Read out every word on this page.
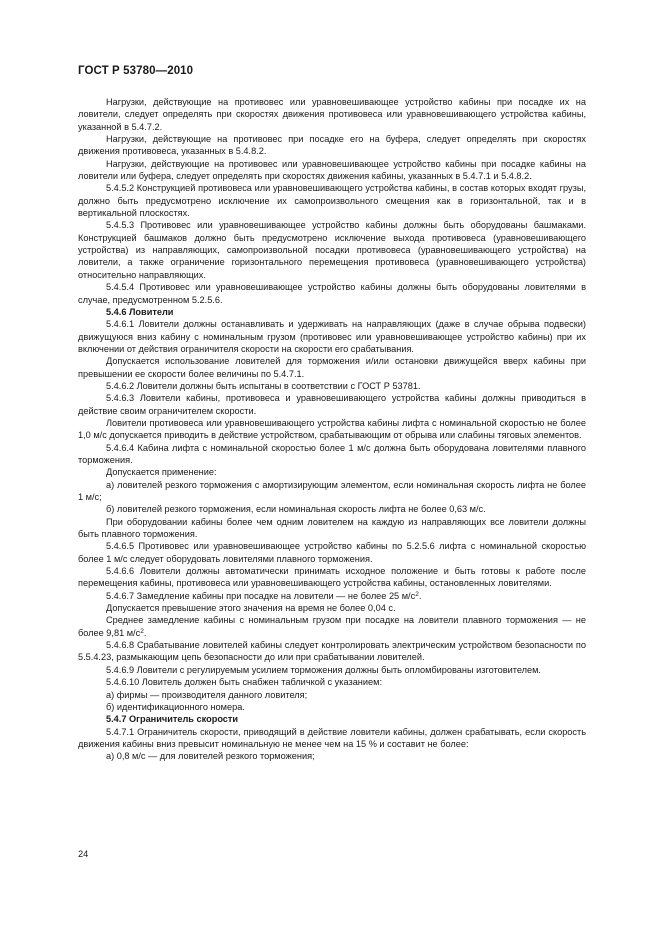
ГОСТ Р 53780—2010

Нагрузки, действующие на противовес или уравновешивающее устройство кабины при посадке их на ловители, следует определять при скоростях движения противовеса или уравновешивающего устройства кабины, указанной в 5.4.7.2.

Нагрузки, действующие на противовес при посадке его на буфера, следует определять при скоростях движения противовеса, указанных в 5.4.8.2.

Нагрузки, действующие на противовес или уравновешивающее устройство кабины при посадке кабины на ловители или буфера, следует определять при скоростях движения кабины, указанных в 5.4.7.1 и 5.4.8.2.

5.4.5.2 Конструкцией противовеса или уравновешивающего устройства кабины, в состав которых входят грузы, должно быть предусмотрено исключение их самопроизвольного смещения как в горизонтальной, так и в вертикальной плоскостях.

5.4.5.3 Противовес или уравновешивающее устройство кабины должны быть оборудованы башмаками. Конструкцией башмаков должно быть предусмотрено исключение выхода противовеса (уравновешивающего устройства) из направляющих, самопроизвольной посадки противовеса (уравновешивающего устройства) на ловители, а также ограничение горизонтального перемещения противовеса (уравновешивающего устройства) относительно направляющих.

5.4.5.4 Противовес или уравновешивающее устройство кабины должны быть оборудованы ловителями в случае, предусмотренном 5.2.5.6.

5.4.6 Ловители

5.4.6.1 Ловители должны останавливать и удерживать на направляющих (даже в случае обрыва подвески) движущуюся вниз кабину с номинальным грузом (противовес или уравновешивающее устройство кабины) при их включении от действия ограничителя скорости на скорости его срабатывания.

Допускается использование ловителей для торможения и/или остановки движущейся вверх кабины при превышении ее скорости более величины по 5.4.7.1.

5.4.6.2 Ловители должны быть испытаны в соответствии с ГОСТ Р 53781.

5.4.6.3 Ловители кабины, противовеса и уравновешивающего устройства кабины должны приводиться в действие своим ограничителем скорости.

Ловители противовеса или уравновешивающего устройства кабины лифта с номинальной скоростью не более 1,0 м/с допускается приводить в действие устройством, срабатывающим от обрыва или слабины тяговых элементов.

5.4.6.4 Кабина лифта с номинальной скоростью более 1 м/с должна быть оборудована ловителями плавного торможения.

Допускается применение:

а) ловителей резкого торможения с амортизирующим элементом, если номинальная скорость лифта не более 1 м/с;

б) ловителей резкого торможения, если номинальная скорость лифта не более 0,63 м/с.

При оборудовании кабины более чем одним ловителем на каждую из направляющих все ловители должны быть плавного торможения.

5.4.6.5 Противовес или уравновешивающее устройство кабины по 5.2.5.6 лифта с номинальной скоростью более 1 м/с следует оборудовать ловителями плавного торможения.

5.4.6.6 Ловители должны автоматически принимать исходное положение и быть готовы к работе после перемещения кабины, противовеса или уравновешивающего устройства кабины, остановленных ловителями.

5.4.6.7 Замедление кабины при посадке на ловители — не более 25 $м/с^2$.

Допускается превышение этого значения на время не более 0,04 с.

Среднее замедление кабины с номинальным грузом при посадке на ловители плавного торможения — не более 9,81 $м/с^2$.

5.4.6.8 Срабатывание ловителей кабины следует контролировать электрическим устройством безопасности по 5.5.4.23, размыкающим цепь безопасности до или при срабатывании ловителей.

5.4.6.9 Ловители с регулируемым усилием торможения должны быть опломбированы изготовителем.

5.4.6.10 Ловитель должен быть снабжен табличкой с указанием:

а) фирмы — производителя данного ловителя;

б) идентификационного номера.

5.4.7 Ограничитель скорости

5.4.7.1 Ограничитель скорости, приводящий в действие ловители кабины, должен срабатывать, если скорость движения кабины вниз превысит номинальную не менее чем на 15 % и составит не более:

а) 0,8 м/с — для ловителей резкого торможения;

24
